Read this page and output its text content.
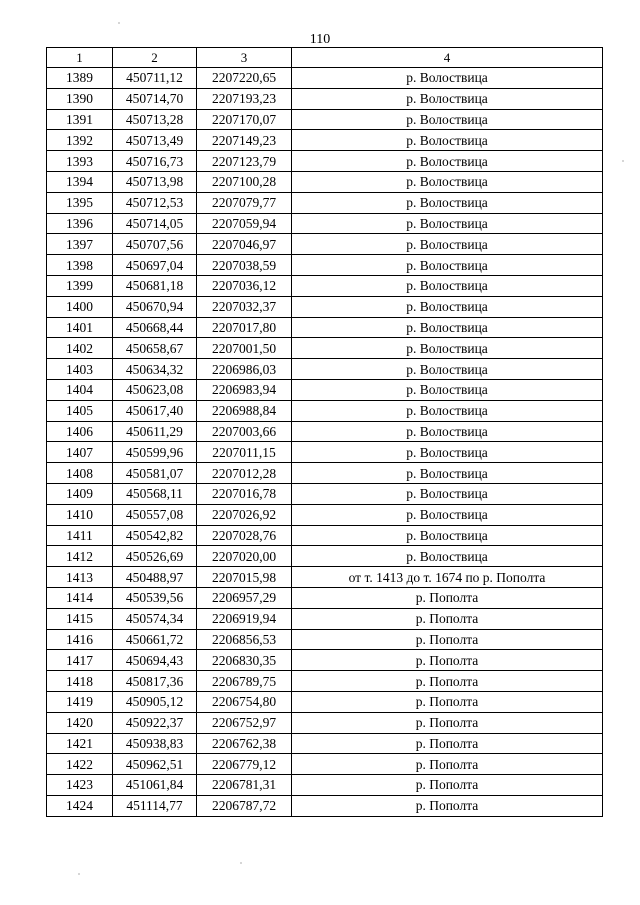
110
1	2	3	4
1389	450711,12	2207220,65	р. Волоствица
1390	450714,70	2207193,23	р. Волоствица
1391	450713,28	2207170,07	р. Волоствица
1392	450713,49	2207149,23	р. Волоствица
1393	450716,73	2207123,79	р. Волоствица
1394	450713,98	2207100,28	р. Волоствица
1395	450712,53	2207079,77	р. Волоствица
1396	450714,05	2207059,94	р. Волоствица
1397	450707,56	2207046,97	р. Волоствица
1398	450697,04	2207038,59	р. Волоствица
1399	450681,18	2207036,12	р. Волоствица
1400	450670,94	2207032,37	р. Волоствица
1401	450668,44	2207017,80	р. Волоствица
1402	450658,67	2207001,50	р. Волоствица
1403	450634,32	2206986,03	р. Волоствица
1404	450623,08	2206983,94	р. Волоствица
1405	450617,40	2206988,84	р. Волоствица
1406	450611,29	2207003,66	р. Волоствица
1407	450599,96	2207011,15	р. Волоствица
1408	450581,07	2207012,28	р. Волоствица
1409	450568,11	2207016,78	р. Волоствица
1410	450557,08	2207026,92	р. Волоствица
1411	450542,82	2207028,76	р. Волоствица
1412	450526,69	2207020,00	р. Волоствица
1413	450488,97	2207015,98	от т. 1413 до т. 1674 по р. Пополта
1414	450539,56	2206957,29	р. Пополта
1415	450574,34	2206919,94	р. Пополта
1416	450661,72	2206856,53	р. Пополта
1417	450694,43	2206830,35	р. Пополта
1418	450817,36	2206789,75	р. Пополта
1419	450905,12	2206754,80	р. Пополта
1420	450922,37	2206752,97	р. Пополта
1421	450938,83	2206762,38	р. Пополта
1422	450962,51	2206779,12	р. Пополта
1423	451061,84	2206781,31	р. Пополта
1424	451114,77	2206787,72	р. Пополта
